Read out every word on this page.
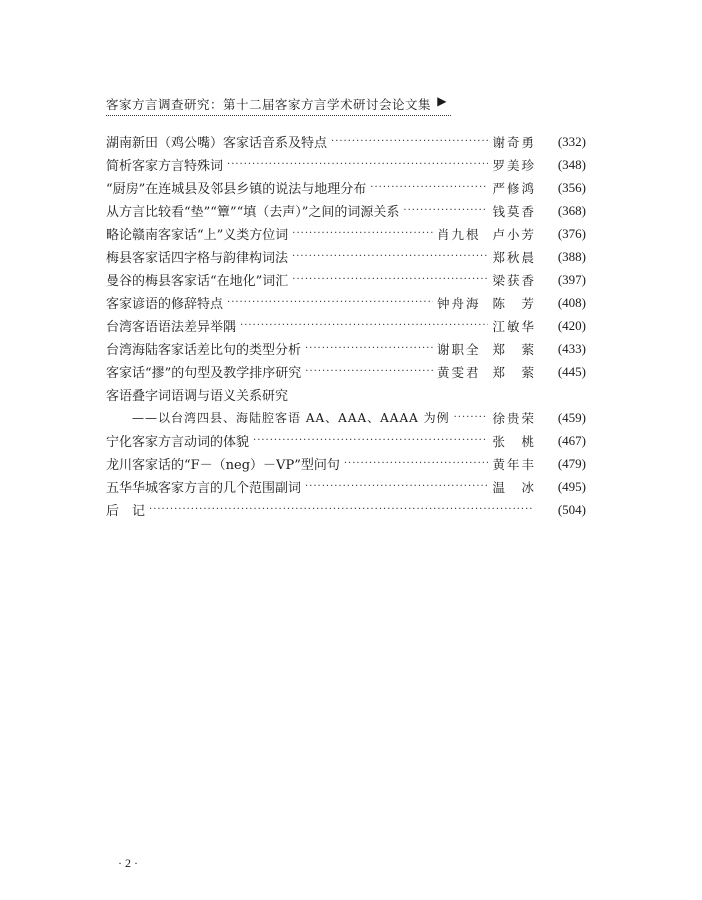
客家方言调查研究：第十二届客家方言学术研讨会论文集 ▶
湖南新田（鸡公嘴）客家话音系及特点 ·····	谢奇勇	(332)
简析客家方言特殊词 ·····	罗美珍	(348)
“厨房”在连城县及邻县乡镇的说法与地理分布 ·····	严修鸿	(356)
从方言比较看“垫”“簟”“填（去声）”之间的词源关系 ·····	钱莫香	(368)
略论赣南客家话“上”义类方位词 ·····	肖九根 卢小芳	(376)
梅县客家话四字格与韵律构词法 ·····	郑秋晨	(388)
曼谷的梅县客家话“在地化”词汇 ·····	梁获香	(397)
客家谚语的修辞特点 ·····	钟舟海 陈　芳	(408)
台湾客语语法差异举隅 ·····	江敏华	(420)
台湾海陆客家话差比句的类型分析 ·····	谢职全 郑　萦	(433)
客家话“摎”的句型及教学排序研究 ·····	黄雯君 郑　萦	(445)
客语叠字词语调与语义关系研究
——以台湾四县、海陆腔客语 AA、AAA、AAAA 为例 ·····	徐贵荣	(459)
宁化客家方言动词的体貌 ·····	张　桃	(467)
龙川客家话的“F－（neg）－VP”型问句 ·····	黄年丰	(479)
五华华城客家方言的几个范围副词 ·····	温　冰	(495)
后　记 ·····	(504)
· 2 ·
